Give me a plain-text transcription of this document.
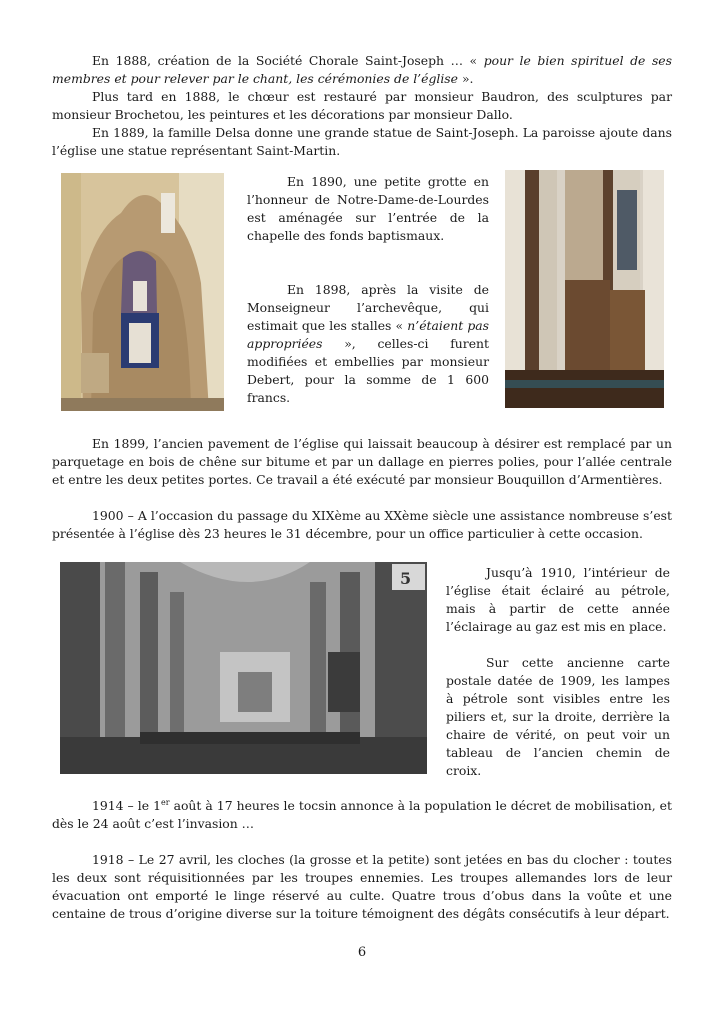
En 1888, création de la Société Chorale Saint-Joseph … « pour le bien spirituel de ses membres et pour relever par le chant, les cérémonies de l’église ».

Plus tard en 1888, le chœur est restauré par monsieur Baudron, des sculptures par monsieur Brochetou, les peintures et les décorations par monsieur Dallo.

En 1889, la famille Delsa donne une grande statue de Saint-Joseph. La paroisse ajoute dans l’église une statue représentant Saint-Martin.

En 1890, une petite grotte en l’honneur de Notre-Dame-de-Lourdes est aménagée sur l’entrée de la chapelle des fonds baptismaux.

En 1898, après la visite de Monseigneur l’archevêque, qui estimait que les stalles « n’étaient pas appropriées », celles-ci furent modifiées et embellies par monsieur Debert, pour la somme de 1 600 francs.

En 1899, l’ancien pavement de l’église qui laissait beaucoup à désirer est remplacé par un parquetage en bois de chêne sur bitume et par un dallage en pierres polies, pour l’allée centrale et entre les deux petites portes. Ce travail a été exécuté par monsieur Bouquillon d’Armentières.

1900 – A l’occasion du passage du XIXème au XXème siècle une assistance nombreuse s’est présentée à l’église dès 23 heures le 31 décembre, pour un office particulier à cette occasion.

5	Jusqu’à 1910, l’intérieur de l’église était éclairé au pétrole, mais à partir de cette année l’éclairage au gaz est mis en place.

Sur cette ancienne carte postale datée de 1909, les lampes à pétrole sont visibles entre les piliers et, sur la droite, derrière la chaire de vérité, on peut voir un tableau de l’ancien chemin de croix.

1914 – le 1er août à 17 heures le tocsin annonce à la population le décret de mobilisation, et dès le 24 août c’est l’invasion …

1918 – Le 27 avril, les cloches (la grosse et la petite) sont jetées en bas du clocher : toutes les deux sont réquisitionnées par les troupes ennemies. Les troupes allemandes lors de leur évacuation ont emporté le linge réservé au culte. Quatre trous d’obus dans la voûte et une centaine de trous d’origine diverse sur la toiture témoignent des dégâts consécutifs à leur départ.

6
